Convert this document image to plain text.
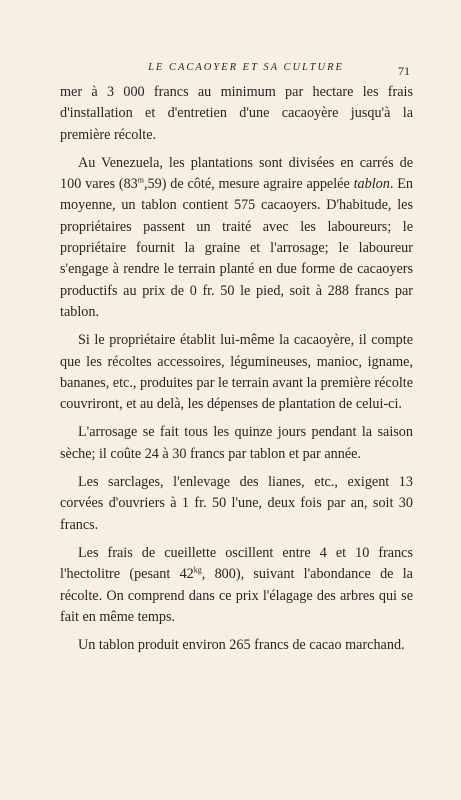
LE CACAOYER ET SA CULTURE	71

mer à 3 000 francs au minimum par hectare les frais d'installation et d'entretien d'une cacaoyère jusqu'à la première récolte.

Au Venezuela, les plantations sont divisées en carrés de 100 vares (83$^m$,59) de côté, mesure agraire appelée tablon. En moyenne, un tablon contient 575 cacaoyers. D'habitude, les propriétaires passent un traité avec les laboureurs; le propriétaire fournit la graine et l'arrosage; le laboureur s'engage à rendre le terrain planté en due forme de cacaoyers productifs au prix de 0 fr. 50 le pied, soit à 288 francs par tablon.

Si le propriétaire établit lui-même la cacaoyère, il compte que les récoltes accessoires, légumineuses, manioc, igname, bananes, etc., produites par le terrain avant la première récolte couvriront, et au delà, les dépenses de plantation de celui-ci.

L'arrosage se fait tous les quinze jours pendant la saison sèche; il coûte 24 à 30 francs par tablon et par année.

Les sarclages, l'enlevage des lianes, etc., exigent 13 corvées d'ouvriers à 1 fr. 50 l'une, deux fois par an, soit 30 francs.

Les frais de cueillette oscillent entre 4 et 10 francs l'hectolitre (pesant $42^{kg}$, 800), suivant l'abondance de la récolte. On comprend dans ce prix l'élagage des arbres qui se fait en même temps.

Un tablon produit environ 265 francs de cacao marchand.
